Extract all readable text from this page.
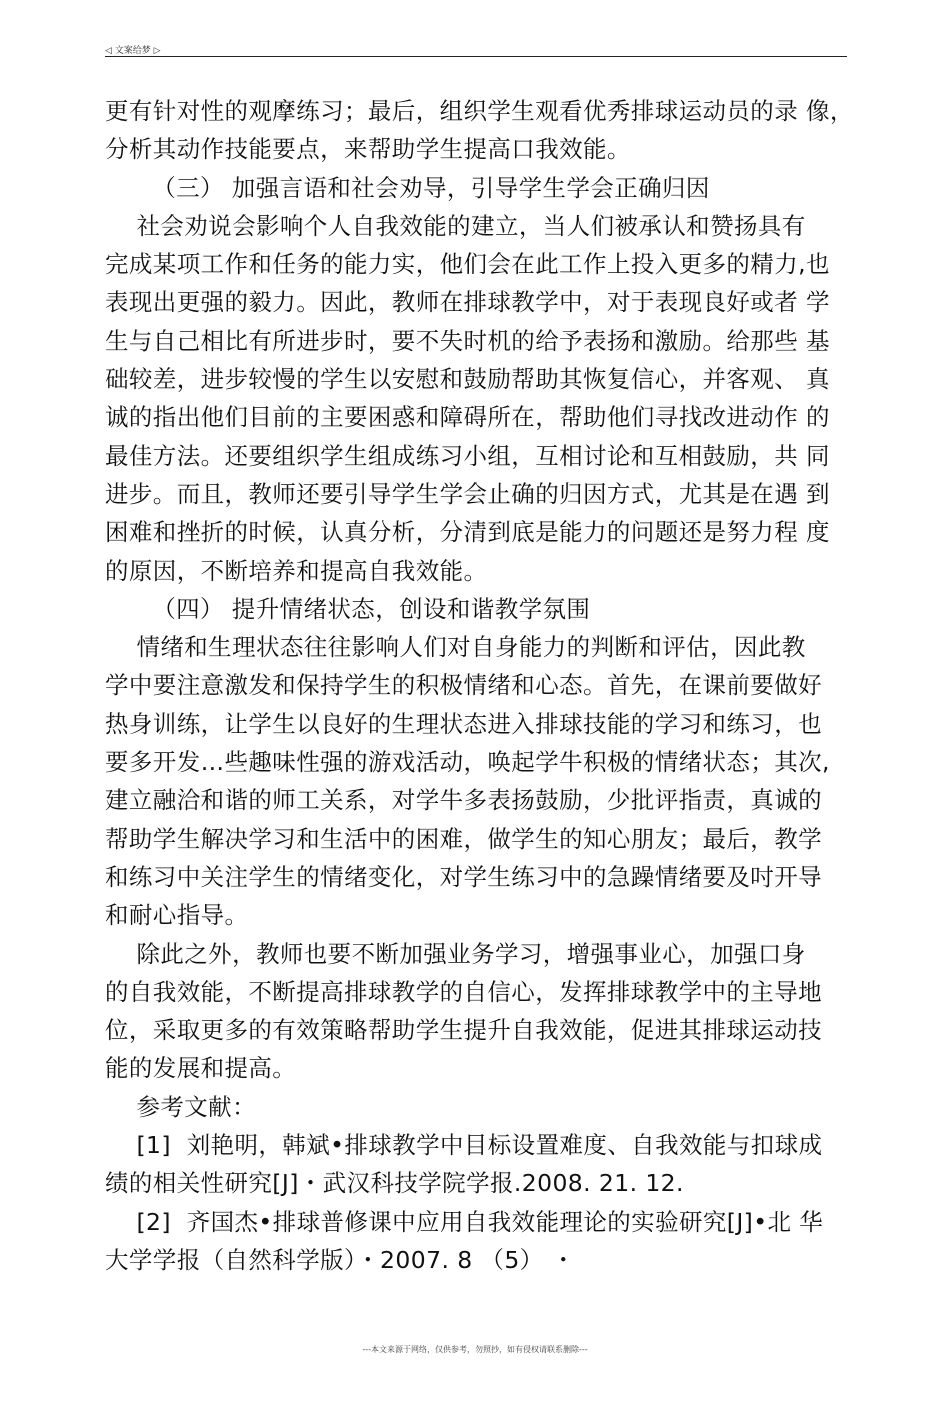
◁ 文案给梦 ▷
更有针对性的观摩练习；最后，组织学生观看优秀排球运动员的录 像，
分析其动作技能要点，来帮助学生提高口我效能。
（三） 加强言语和社会劝导，引导学生学会正确归因
社会劝说会影响个人自我效能的建立，当人们被承认和赞扬具有
完成某项工作和任务的能力实，他们会在此工作上投入更多的精力,也
表现出更强的毅力。因此，教师在排球教学中，对于表现良好或者 学
生与自己相比有所进步时，要不失时机的给予表扬和激励。给那些 基
础较差，进步较慢的学生以安慰和鼓励帮助其恢复信心，并客观、 真
诚的指出他们目前的主要困惑和障碍所在，帮助他们寻找改进动作 的
最佳方法。还要组织学生组成练习小组，互相讨论和互相鼓励，共 同
进步。而且，教师还要引导学生学会止确的归因方式，尤其是在遇 到
困难和挫折的时候，认真分析，分清到底是能力的问题还是努力程 度
的原因，不断培养和提高自我效能。
（四） 提升情绪状态，创设和谐教学氛围
情绪和生理状态往往影响人们对自身能力的判断和评估，因此教
学中要注意激发和保持学生的积极情绪和心态。首先，在课前要做好
热身训练，让学生以良好的生理状态进入排球技能的学习和练习，也
要多开发…些趣味性强的游戏活动，唤起学牛积极的情绪状态；其次,
建立融洽和谐的师工关系，对学牛多表扬鼓励，少批评指责，真诚的
帮助学生解决学习和生活中的困难，做学生的知心朋友；最后，教学
和练习中关注学生的情绪变化，对学生练习中的急躁情绪要及吋开导
和耐心指导。
除此之外，教师也要不断加强业务学习，增强事业心，加强口身
的自我效能，不断提高排球教学的自信心，发挥排球教学中的主导地
位，采取更多的有效策略帮助学生提升自我效能，促进其排球运动技
能的发展和提高。
参考文献：
[1]  刘艳明，韩斌•排球教学中目标设置难度、自我效能与扣球成
绩的相关性研究[J]・武汉科技学院学报.2008. 21. 12.
[2]  齐国杰•排球普修课中应用自我效能理论的实验研究[J]•北 华
大学学报（自然科学版）・2007. 8 （5） ・
---本文来源于网络，仅供参考，勿照抄，如有侵权请联系删除---
